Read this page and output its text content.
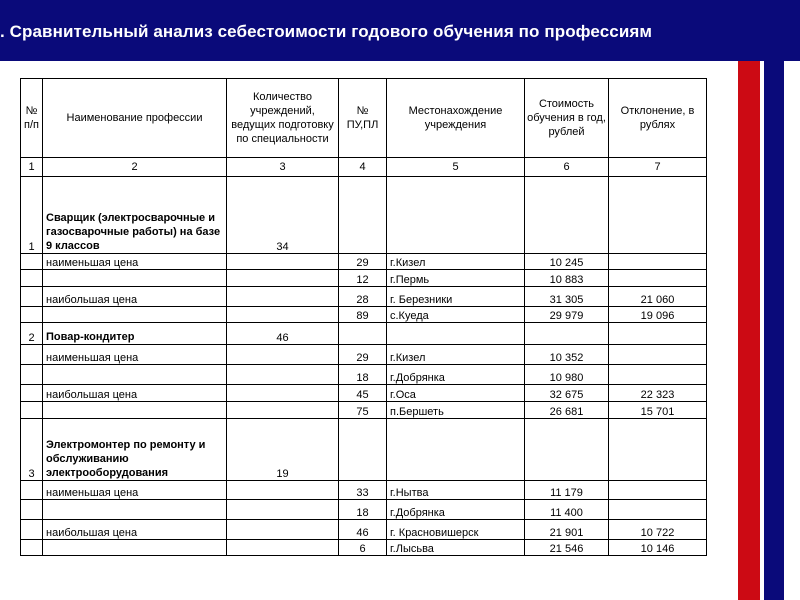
. Сравнительный анализ себестоимости годового обучения по профессиям
№ п/п	Наименование профессии	Количество учреждений, ведущих подготовку по специальности	№ ПУ,ПЛ	Местонахождение учреждения	Стоимость обучения в год, рублей	Отклонение, в рублях
1	2	3	4	5	6	7
1	Сварщик (электросварочные и газосварочные работы) на базе 9 классов	34				
	наименьшая цена		29	г.Кизел	10 245	
			12	г.Пермь	10 883	
	наибольшая цена		28	г. Березники	31 305	21 060
			89	с.Куеда	29 979	19 096
2	Повар-кондитер	46				
	наименьшая цена		29	г.Кизел	10 352	
			18	г.Добрянка	10 980	
	наибольшая цена		45	г.Оса	32 675	22 323
			75	п.Бершеть	26 681	15 701
3	Электромонтер по ремонту и обслуживанию электрооборудования	19				
	наименьшая цена		33	г.Нытва	11 179	
			18	г.Добрянка	11 400	
	наибольшая цена		46	г. Красновишерск	21 901	10 722
			6	г.Лысьва	21 546	10 146
